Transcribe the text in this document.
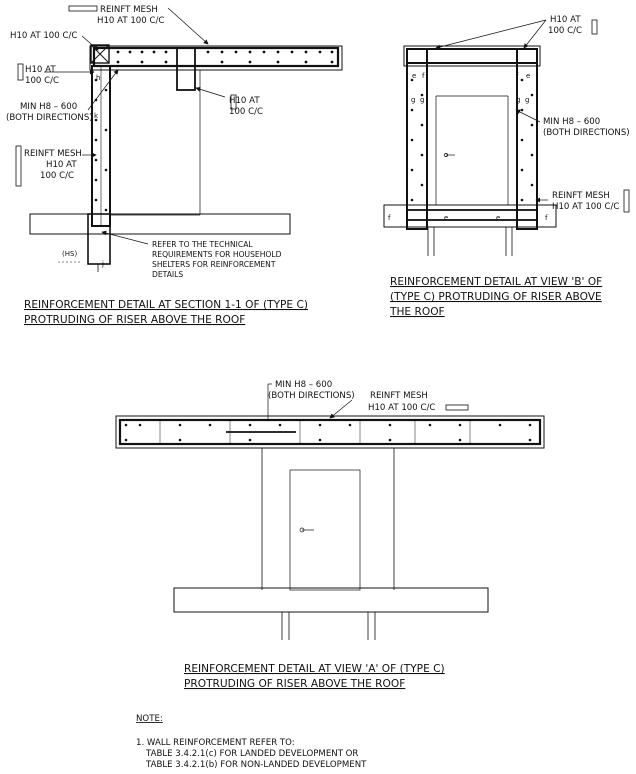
REINFT MESH
H10 AT 100 C/C
H10 AT 100 C/C
H10 AT
100 C/C
H10 AT
100 C/C
MIN H8 – 600
(BOTH DIRECTIONS)
REINFT MESH
H10 AT
100 C/C
REFER TO THE TECHNICAL
REQUIREMENTS FOR HOUSEHOLD
SHELTERS FOR REINFORCEMENT
DETAILS
h
k
j
(HS)
REINFORCEMENT DETAIL AT SECTION 1-1 OF (TYPE C)
PROTRUDING OF RISER ABOVE THE ROOF
H10 AT
100 C/C
MIN H8 – 600
(BOTH DIRECTIONS)
REINFT MESH
H10 AT 100 C/C
e	e
f	f
g g	g g
e	e
f	f
REINFORCEMENT DETAIL AT VIEW 'B' OF
(TYPE C) PROTRUDING OF RISER ABOVE
THE ROOF
MIN H8 – 600
(BOTH DIRECTIONS) REINFT MESH
H10 AT 100 C/C
REINFORCEMENT DETAIL AT VIEW 'A' OF (TYPE C)
PROTRUDING OF RISER ABOVE THE ROOF
NOTE:
1. WALL REINFORCEMENT REFER TO:
TABLE 3.4.2.1(c) FOR LANDED DEVELOPMENT OR
TABLE 3.4.2.1(b) FOR NON-LANDED DEVELOPMENT
